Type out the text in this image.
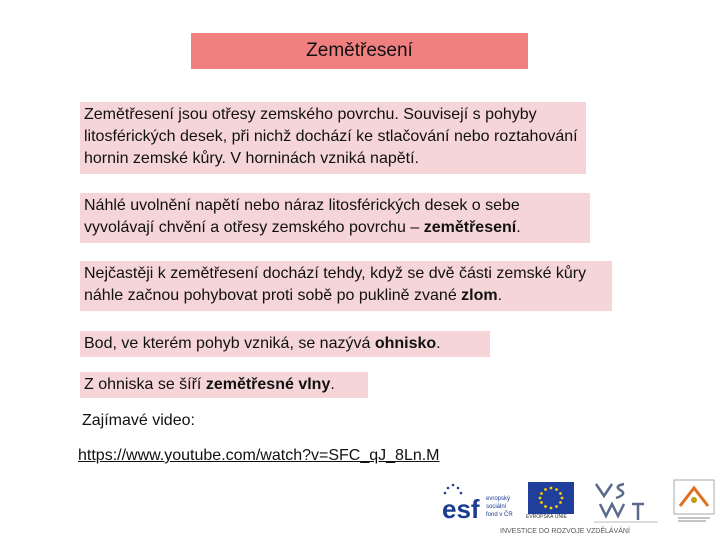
Zemětřesení
Zemětřesení jsou otřesy zemského povrchu. Souvisejí s pohyby litosférických desek, při nichž dochází ke stlačování nebo roztahování hornin zemské kůry. V horninách vzniká napětí.
Náhlé uvolnění napětí nebo náraz litosférických desek o sebe vyvolávají chvění a otřesy zemského povrchu – zemětřesení.
Nejčastěji k zemětřesení dochází tehdy, když se dvě části zemské kůry náhle začnou pohybovat proti sobě po puklině zvané zlom.
Bod, ve kterém pohyb vzniká, se nazývá ohnisko.
Z ohniska se šíří zemětřesné vlny.
Zajímavé video:
https://www.youtube.com/watch?v=SFC_qJ_8Ln.M
esf evropský
sociální
fond v ČR	EVROPSKÁ UNIE
INVESTICE DO ROZVOJE VZDĚLÁVÁNÍ
